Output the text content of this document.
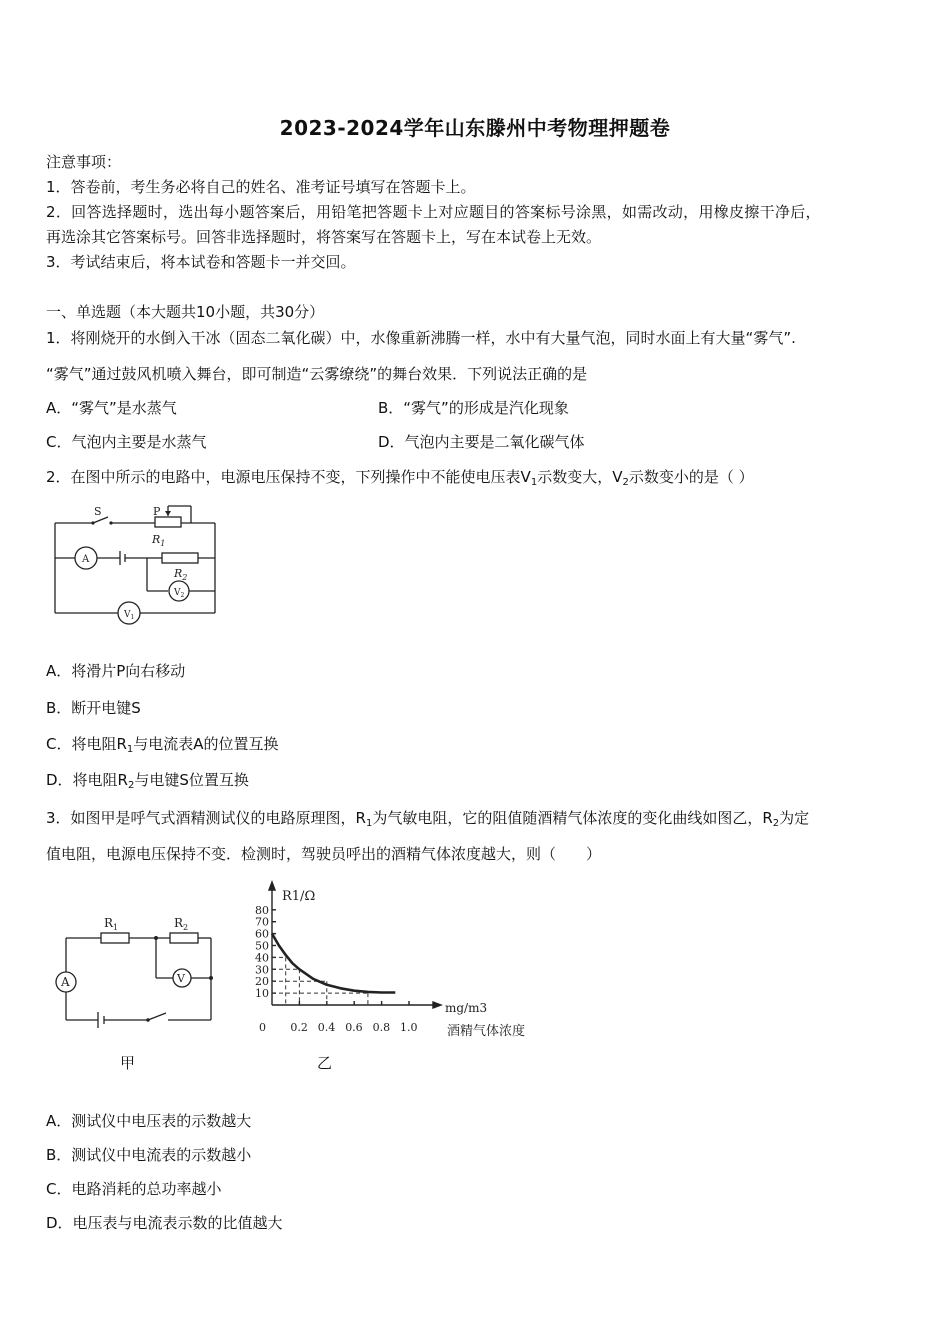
2023-2024学年山东滕州中考物理押题卷
注意事项：
1．答卷前，考生务必将自己的姓名、准考证号填写在答题卡上。
2．回答选择题时，选出每小题答案后，用铅笔把答题卡上对应题目的答案标号涂黑，如需改动，用橡皮擦干净后，
再选涂其它答案标号。回答非选择题时，将答案写在答题卡上，写在本试卷上无效。
3．考试结束后，将本试卷和答题卡一并交回。
一、单选题（本大题共10小题，共30分）
1．将刚烧开的水倒入干冰（固态二氧化碳）中，水像重新沸腾一样，水中有大量气泡，同时水面上有大量“雾气”.
“雾气”通过鼓风机喷入舞台，即可制造“云雾缭绕”的舞台效果．下列说法正确的是
A．“雾气”是水蒸气	B．“雾气”的形成是汽化现象
C．气泡内主要是水蒸气	D．气泡内主要是二氧化碳气体
2．在图中所示的电路中，电源电压保持不变，下列操作中不能使电压表$V_1$示数变大，$V_2$示数变小的是（ ）
S	P
$R_1$
$R_2$
A
$V_2$
$V_1$
A．将滑片P向右移动
B．断开电键S
C．将电阻$R_1$与电流表A的位置互换
D．将电阻$R_2$与电键S位置互换
3．如图甲是呼气式酒精测试仪的电路原理图，$R_1$为气敏电阻，它的阻值随酒精气体浓度的变化曲线如图乙，$R_2$为定
值电阻，电源电压保持不变．检测时，驾驶员呼出的酒精气体浓度越大，则（　　）
$R_1$	$R_2$
A	V
10
20
30
40
50
60
70
80
0.2 0.4 0.6 0.8 1.0
0
R1/Ω
mg/m3
酒精气体浓度
甲	乙
A．测试仪中电压表的示数越大
B．测试仪中电流表的示数越小
C．电路消耗的总功率越小
D．电压表与电流表示数的比值越大
